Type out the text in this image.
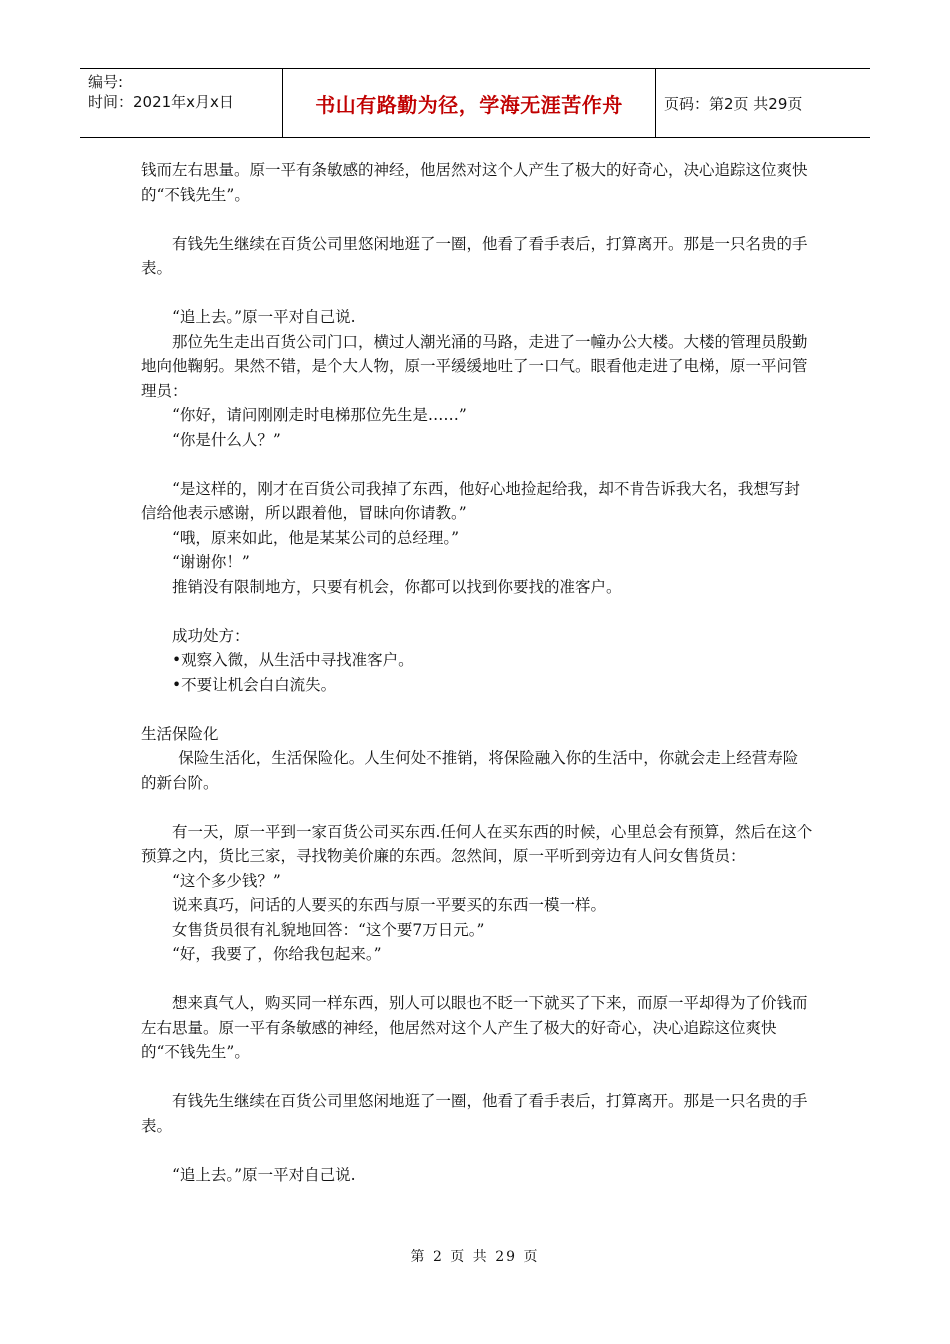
编号:
时间：2021年x月x日	书山有路勤为径，学海无涯苦作舟	页码：第2页 共29页
钱而左右思量。原一平有条敏感的神经，他居然对这个人产生了极大的好奇心，决心追踪这位爽快的“不钱先生”。
有钱先生继续在百货公司里悠闲地逛了一圈，他看了看手表后，打算离开。那是一只名贵的手表。
“追上去。”原一平对自己说.
那位先生走出百货公司门口，横过人潮光涌的马路，走进了一幢办公大楼。大楼的管理员殷勤地向他鞠躬。果然不错，是个大人物，原一平缓缓地吐了一口气。眼看他走进了电梯，原一平问管理员：
“你好，请问刚刚走时电梯那位先生是……”
“你是什么人？”
“是这样的，刚才在百货公司我掉了东西，他好心地捡起给我，却不肯告诉我大名，我想写封信给他表示感谢，所以跟着他，冒昧向你请教。”
“哦，原来如此，他是某某公司的总经理。”
“谢谢你！”
推销没有限制地方，只要有机会，你都可以找到你要找的准客户。
成功处方：
•观察入微，从生活中寻找准客户。
•不要让机会白白流失。
生活保险化
保险生活化，生活保险化。人生何处不推销，将保险融入你的生活中，你就会走上经营寿险的新台阶。
有一天，原一平到一家百货公司买东西.任何人在买东西的时候，心里总会有预算，然后在这个预算之内，货比三家，寻找物美价廉的东西。忽然间，原一平听到旁边有人问女售货员：
“这个多少钱？”
说来真巧，问话的人要买的东西与原一平要买的东西一模一样。
女售货员很有礼貌地回答：“这个要7万日元。”
“好，我要了，你给我包起来。”
想来真气人，购买同一样东西，别人可以眼也不眨一下就买了下来，而原一平却得为了价钱而左右思量。原一平有条敏感的神经，他居然对这个人产生了极大的好奇心，决心追踪这位爽快的“不钱先生”。
有钱先生继续在百货公司里悠闲地逛了一圈，他看了看手表后，打算离开。那是一只名贵的手表。
“追上去。”原一平对自己说.
第 2 页 共 29 页
